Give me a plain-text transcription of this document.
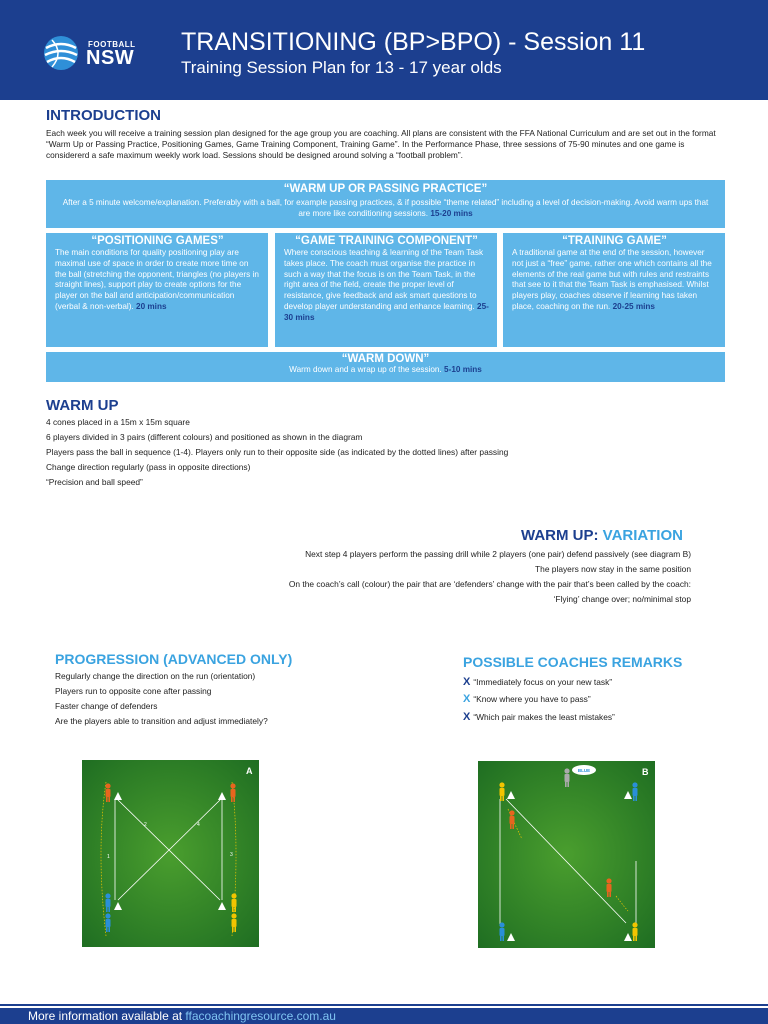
FOOTBALL
NSW
TRANSITIONING (BP>BPO) - Session 11
Training Session Plan for 13 - 17 year olds
INTRODUCTION
Each week you will receive a training session plan designed for the age group you are coaching. All plans are consistent with the FFA National Curriculum and are set out in the format “Warm Up or Passing Practice, Positioning Games, Game Training Component, Training Game”. In the Performance Phase, three sessions of 75-90 minutes and one game is considererd a safe maximum weekly work load. Sessions should be designed around solving a “football problem”.
“WARM UP OR PASSING PRACTICE”
After a 5 minute welcome/explanation. Preferably with a ball, for example passing practices, & if possible “theme related” including a level of decision-making. Avoid warm ups that are more like conditioning sessions. 15-20 mins
“POSITIONING GAMES”
The main conditions for quality positioning play are maximal use of space in order to create more time on the ball (stretching the opponent, triangles (no players in straight lines), support play to create options for the player on the ball and anticipation/communication (verbal & non-verbal). 20 mins
“GAME TRAINING COMPONENT”
Where conscious teaching & learning of the Team Task takes place. The coach must organise the practice in such a way that the focus is on the Team Task, in the right area of the field, create the proper level of resistance, give feedback and ask smart questions to develop player understanding and enhance learning. 25-30 mins
“TRAINING GAME”
A traditional game at the end of the session, however not just a “free” game, rather one which contains all the elements of the real game but with rules and restraints that see to it that the Team Task is emphasised. Whilst players play, coaches observe if learning has taken place, coaching on the run. 20-25 mins
“WARM DOWN”
Warm down and a wrap up of the session. 5-10 mins
WARM UP
4 cones placed in a 15m x 15m square
6 players divided in 3 pairs (different colours) and positioned as shown in the diagram
Players pass the ball in sequence (1-4). Players only run to their opposite side (as indicated by the dotted lines) after passing
Change direction regularly (pass in opposite directions)
“Precision and ball speed”
WARM UP: VARIATION
Next step 4 players perform the passing drill while 2 players (one pair) defend passively (see diagram B)
The players now stay in the same position
On the coach’s call (colour) the pair that are ‘defenders’ change with the pair that’s been called by the coach:
‘Flying’ change over; no/minimal stop
PROGRESSION (ADVANCED ONLY)
Regularly change the direction on the run (orientation)
Players run to opposite cone after passing
Faster change of defenders
Are the players able to transition and adjust immediately?
POSSIBLE COACHES REMARKS
X “Immediately focus on your new task”
X “Know where you have to pass”
X “Which pair makes the least mistakes”
A
1
2
3
4
B
BLUE
More information available at ffacoachingresource.com.au
